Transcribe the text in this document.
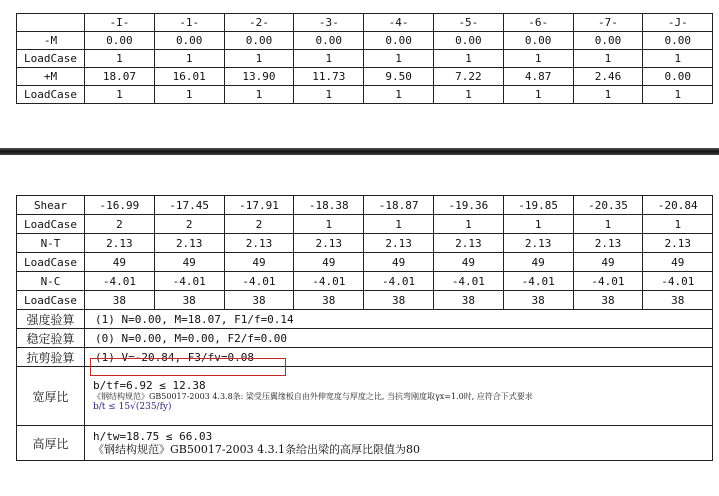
	-I-	-1-	-2-	-3-	-4-	-5-	-6-	-7-	-J-
-M	0.00	0.00	0.00	0.00	0.00	0.00	0.00	0.00	0.00
LoadCase	1	1	1	1	1	1	1	1	1
+M	18.07	16.01	13.90	11.73	9.50	7.22	4.87	2.46	0.00
LoadCase	1	1	1	1	1	1	1	1	1
Shear	-16.99	-17.45	-17.91	-18.38	-18.87	-19.36	-19.85	-20.35	-20.84
LoadCase	2	2	2	1	1	1	1	1	1
N-T	2.13	2.13	2.13	2.13	2.13	2.13	2.13	2.13	2.13
LoadCase	49	49	49	49	49	49	49	49	49
N-C	-4.01	-4.01	-4.01	-4.01	-4.01	-4.01	-4.01	-4.01	-4.01
LoadCase	38	38	38	38	38	38	38	38	38
强度验算	(1) N=0.00, M=18.07, F1/f=0.14								
稳定验算	(0) N=0.00, M=0.00, F2/f=0.00								
抗剪验算	(1) V=-20.84, F3/fv=0.08								
宽厚比	b/tf=6.92 ≤ 12.38
《钢结构规范》GB50017-2003 4.3.8条: 梁受压翼缘板自由外伸宽度与厚度之比, 当抗弯刚度取γx=1.0时, 应符合下式要求
b/t ≤ 15√(235/fy)								

高厚比	h/tw=18.75 ≤ 66.03
《钢结构规范》GB50017-2003 4.3.1条给出梁的高厚比限值为80								
